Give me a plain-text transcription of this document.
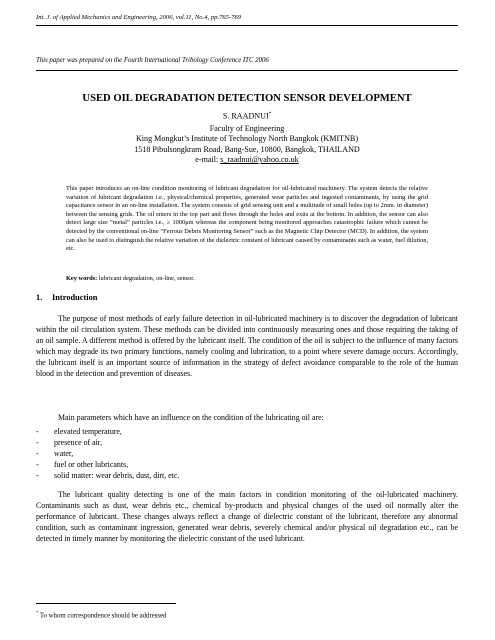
Int. J. of Applied Mechanics and Engineering, 2006, vol.11, No.4, pp.765-769
This paper was prepared on the Fourth International Tribology Conference ITC 2006
USED OIL DEGRADATION DETECTION SENSOR DEVELOPMENT
S. RAADNUI*
Faculty of Engineering
King Mongkut’s Institute of Technology North Bangkok (KMITNB)
1518 Pibulsongkram Road, Bang-Sue, 10800, Bangkok, THAILAND
e-mail: s_raadnui@yahoo.co.uk
This paper introduces an on-line condition monitoring of lubricant degradation for oil-lubricated machinery. The system detects the relative variation of lubricant degradation i.e., physical/chemical properties, generated wear particles and ingested contaminants, by using the grid capacitance sensor in an on-line installation. The system consists of grid sensing unit and a multitude of small holes (up to 2mm. in diameter) between the sensing grids. The oil enters in the top part and flows through the holes and exits at the bottom. In addition, the sensor can also detect large size “metal” particles i.e., ≥ 1000μm whereas the component being monitored approaches catastrophic failure which cannot be detected by the conventional on-line “Ferrous Debris Monitoring Sensor” such as the Magnetic Chip Detector (MCD). In addition, the system can also be used to distinguish the relative variation of the dielectric constant of lubricant caused by contaminants such as water, fuel dilution, etc.
Key words: lubricant degradation, on-line, sensor.
1. Introduction
The purpose of most methods of early failure detection in oil-lubricated machinery is to discover the degradation of lubricant within the oil circulation system. These methods can be divided into continuously measuring ones and those requiring the taking of an oil sample. A different method is offered by the lubricant itself. The condition of the oil is subject to the influence of many factors which may degrade its two primary functions, namely cooling and lubrication, to a point where severe damage occurs. Accordingly, the lubricant itself is an important source of information in the strategy of defect avoidance comparable to the role of the human blood in the detection and prevention of diseases.
Main parameters which have an influence on the condition of the lubricating oil are:
- elevated temperature,
- presence of air,
- water,
- fuel or other lubricants,
- solid matter: wear debris, dust, dirt, etc.
The lubricant quality detecting is one of the main factors in condition monitoring of the oil-lubricated machinery. Contaminants such as dust, wear debris etc., chemical by-products and physical changes of the used oil normally alter the performance of lubricant. These changes always reflect a change of dielectric constant of the lubricant, therefore any abnormal condition, such as contaminant ingression, generated wear debris, severely chemical and/or physical oil degradation etc., can be detected in timely manner by monitoring the dielectric constant of the used lubricant.
* To whom correspondence should be addressed
